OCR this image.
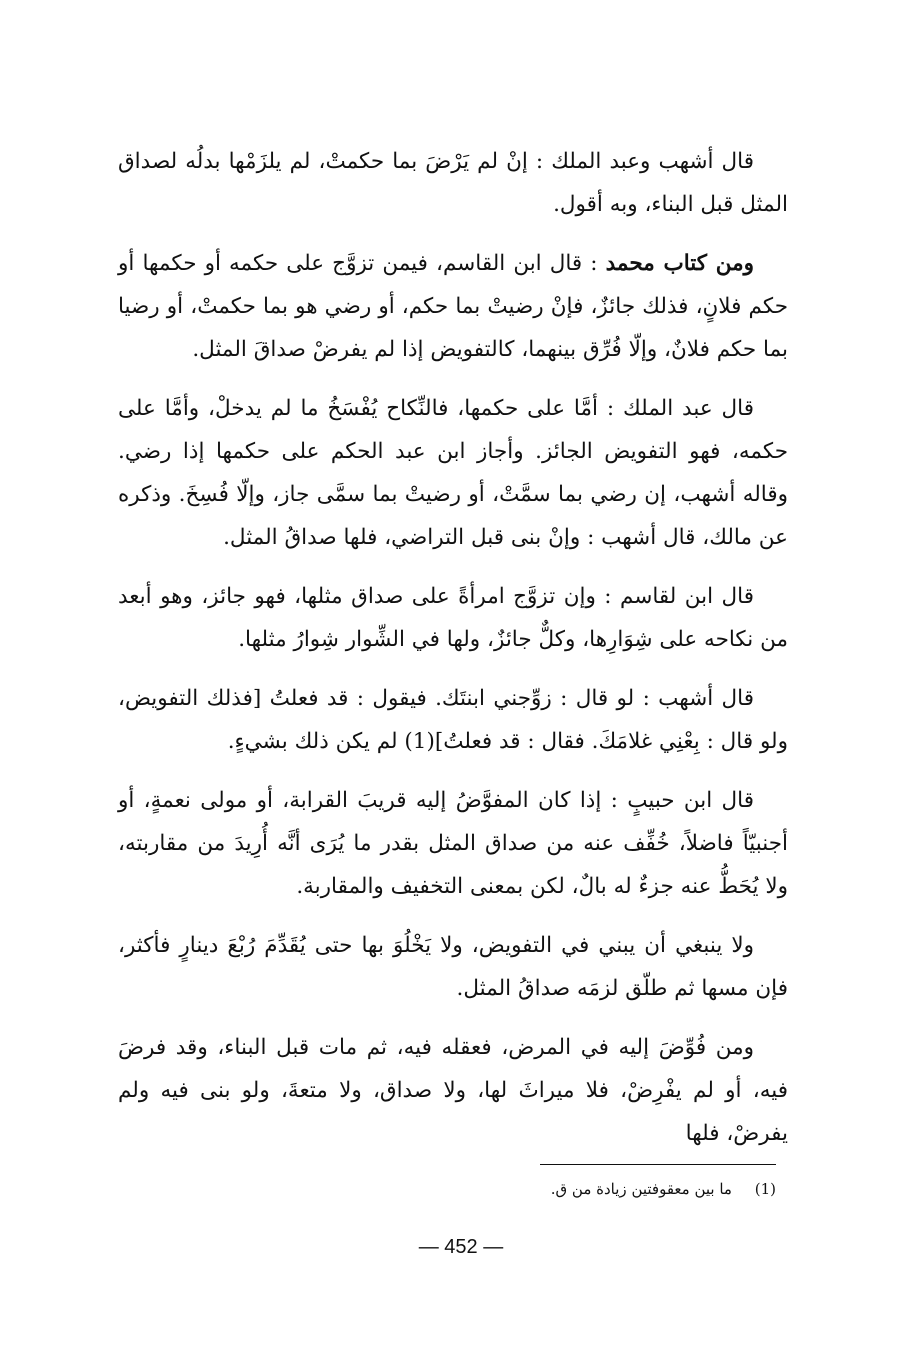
قال أشهب وعبد الملك : إنْ لم يَرْضَ بما حكمتْ، لم يلزَمْها بدلُه لصداق المثل قبل البناء، وبه أقول.

ومن كتاب محمد : قال ابن القاسم، فيمن تزوَّج على حكمه أو حكمها أو حكم فلانٍ، فذلك جائزٌ، فإنْ رضيتْ بما حكم، أو رضي هو بما حكمتْ، أو رضيا بما حكم فلانٌ، وإلّا فُرِّق بينهما، كالتفويض إذا لم يفرضْ صداقَ المثل.

قال عبد الملك : أمَّا على حكمها، فالنِّكاح يُفْسَخُ ما لم يدخلْ، وأمَّا على حكمه، فهو التفويض الجائز. وأجاز ابن عبد الحكم على حكمها إذا رضي. وقاله أشهب، إن رضي بما سمَّتْ، أو رضيتْ بما سمَّى جاز، وإلّا فُسِخَ. وذكره عن مالك، قال أشهب : وإنْ بنى قبل التراضي، فلها صداقُ المثل.

قال ابن لقاسم : وإن تزوَّج امرأةً على صداق مثلها، فهو جائز، وهو أبعد من نكاحه على شِوَارِها، وكلٌّ جائزٌ، ولها في الشِّوار شِوارُ مثلها.

قال أشهب : لو قال : زوِّجني ابنتَك. فيقول : قد فعلتُ [فذلك التفويض، ولو قال : بِعْنِي غلامَكَ. فقال : قد فعلتُ](1) لم يكن ذلك بشيءٍ.

قال ابن حبيبٍ : إذا كان المفوَّضُ إليه قريبَ القرابة، أو مولى نعمةٍ، أو أجنبيّاً فاضلاً، خُفِّف عنه من صداق المثل بقدر ما يُرَى أنَّه أُرِيدَ من مقاربته، ولا يُحَطُّ عنه جزءٌ له بالٌ، لكن بمعنى التخفيف والمقاربة.

ولا ينبغي أن يبني في التفويض، ولا يَخْلُوَ بها حتى يُقَدِّمَ رُبْعَ دينارٍ فأكثر، فإن مسها ثم طلّق لزمَه صداقُ المثل.

ومن فُوِّضَ إليه في المرض، فعقله فيه، ثم مات قبل البناء، وقد فرضَ فيه، أو لم يفْرِضْ، فلا ميراثَ لها، ولا صداق، ولا متعةَ، ولو بنى فيه ولم يفرضْ، فلها

(1) ما بين معقوفتين زيادة من ق.
— 452 —
